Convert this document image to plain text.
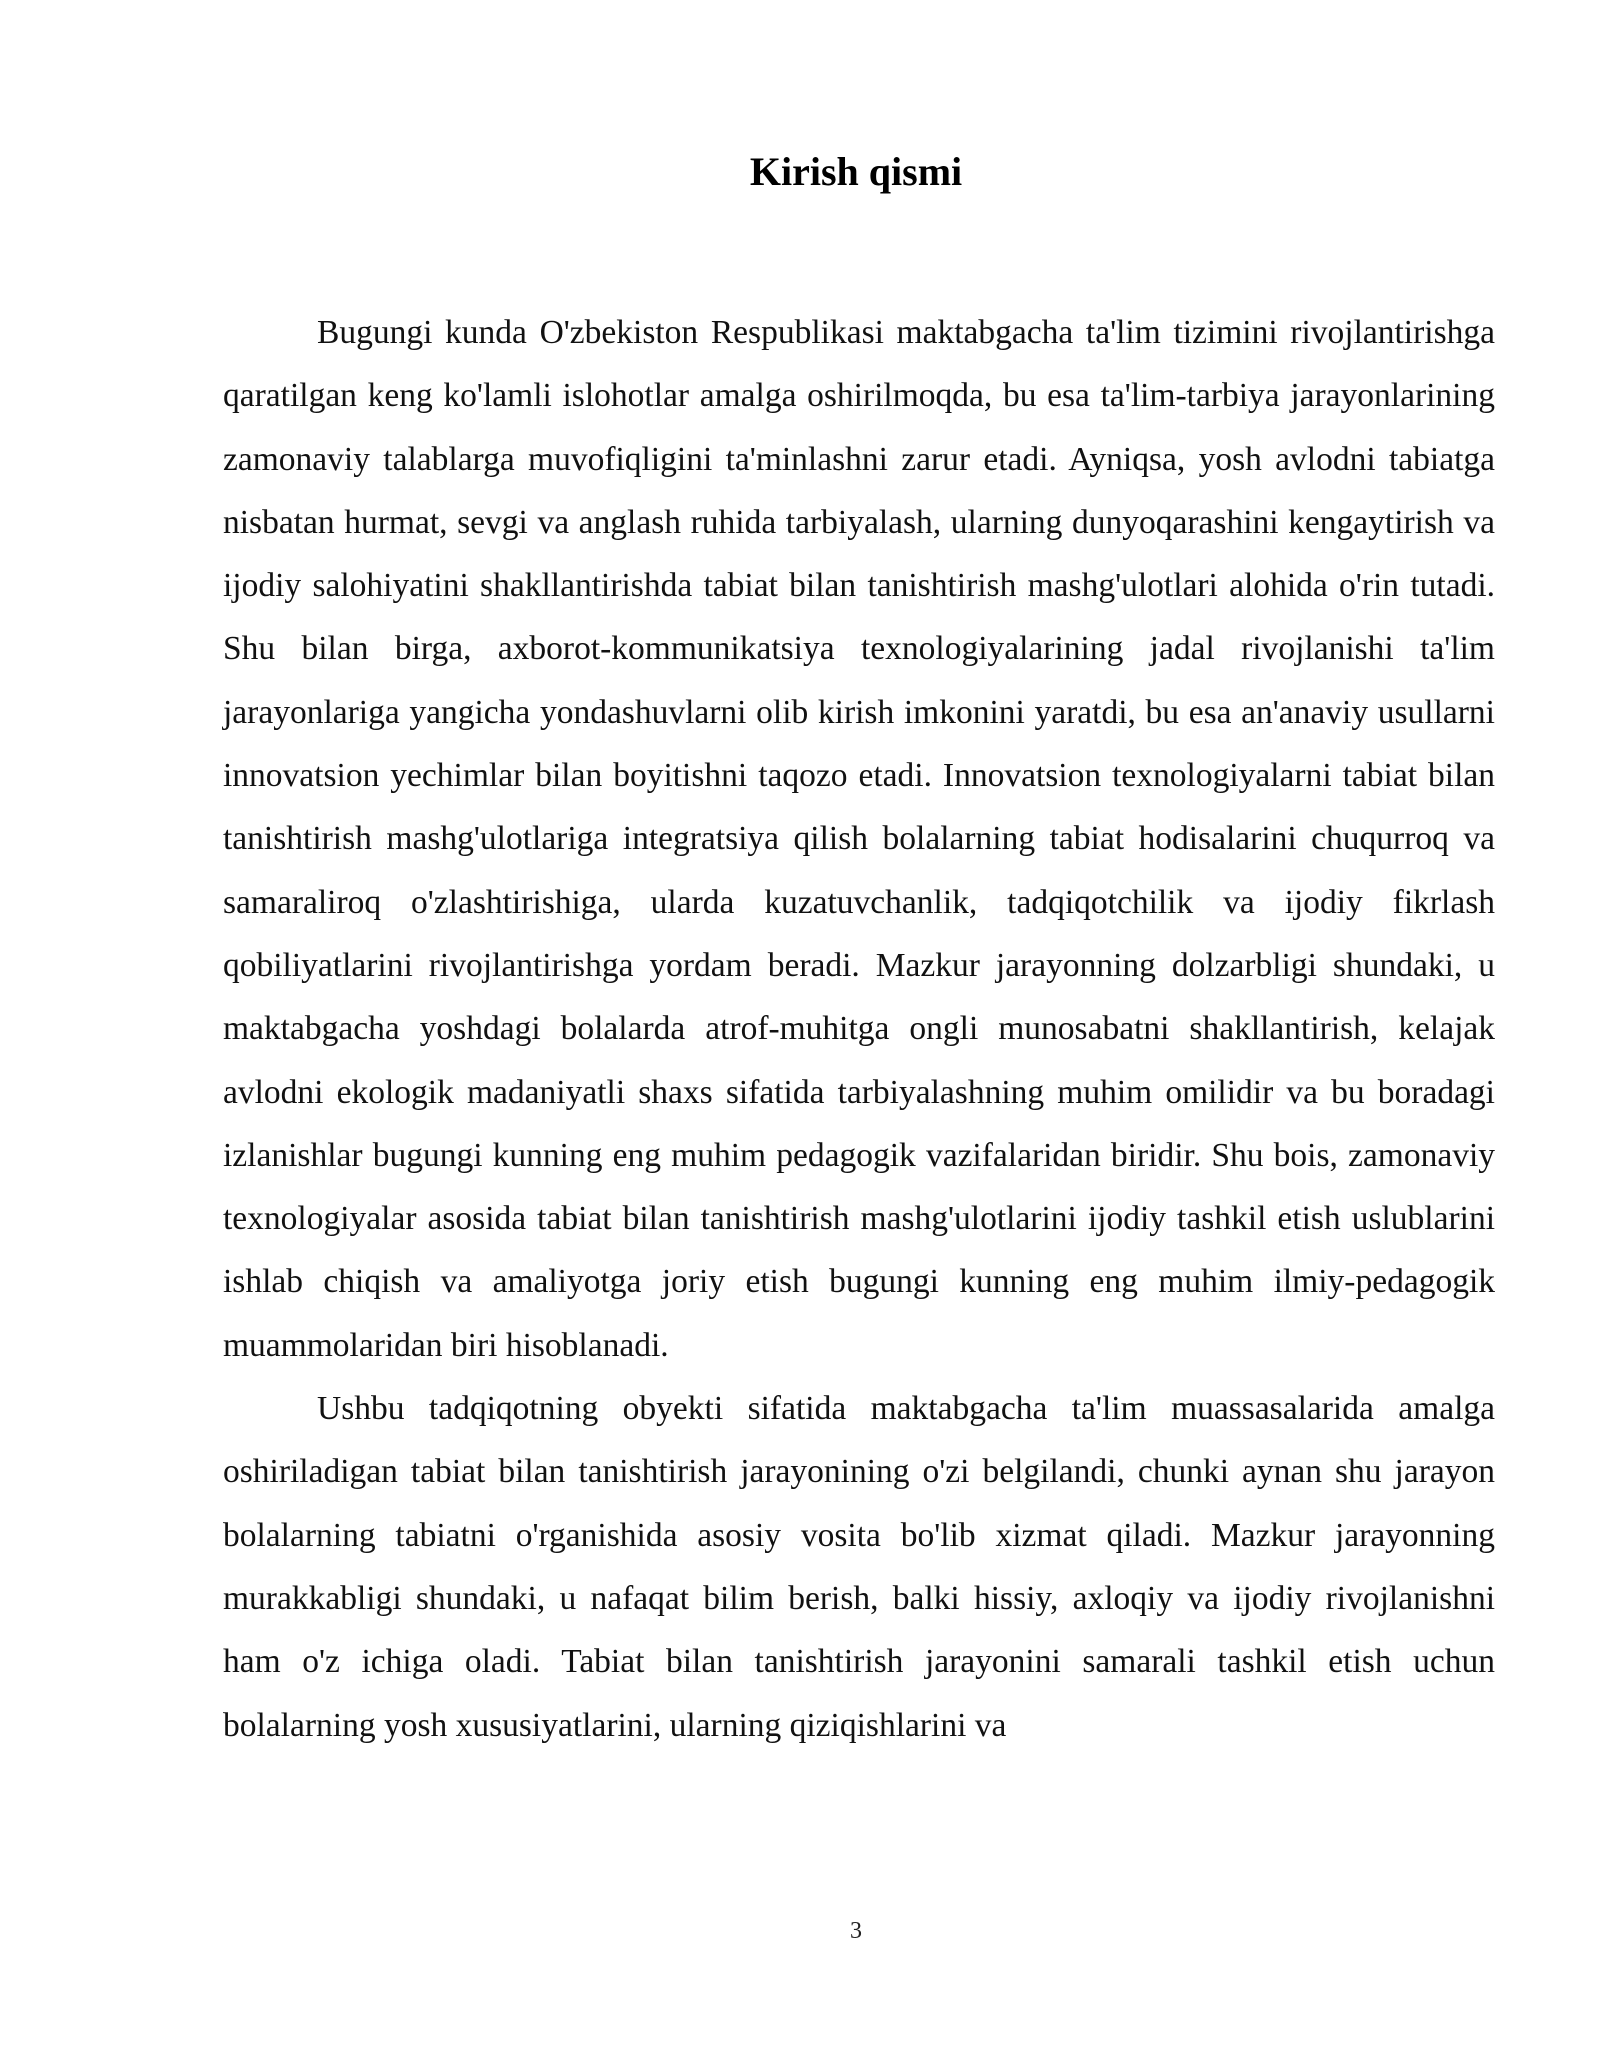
Kirish qismi

Bugungi kunda O'zbekiston Respublikasi maktabgacha ta'lim tizimini rivojlantirishga qaratilgan keng ko'lamli islohotlar amalga oshirilmoqda, bu esa ta'lim-tarbiya jarayonlarining zamonaviy talablarga muvofiqligini ta'minlashni zarur etadi. Ayniqsa, yosh avlodni tabiatga nisbatan hurmat, sevgi va anglash ruhida tarbiyalash, ularning dunyoqarashini kengaytirish va ijodiy salohiyatini shakllantirishda tabiat bilan tanishtirish mashg'ulotlari alohida o'rin tutadi. Shu bilan birga, axborot-kommunikatsiya texnologiyalarining jadal rivojlanishi ta'lim jarayonlariga yangicha yondashuvlarni olib kirish imkonini yaratdi, bu esa an'anaviy usullarni innovatsion yechimlar bilan boyitishni taqozo etadi. Innovatsion texnologiyalarni tabiat bilan tanishtirish mashg'ulotlariga integratsiya qilish bolalarning tabiat hodisalarini chuqurroq va samaraliroq o'zlashtirishiga, ularda kuzatuvchanlik, tadqiqotchilik va ijodiy fikrlash qobiliyatlarini rivojlantirishga yordam beradi. Mazkur jarayonning dolzarbligi shundaki, u maktabgacha yoshdagi bolalarda atrof-muhitga ongli munosabatni shakllantirish, kelajak avlodni ekologik madaniyatli shaxs sifatida tarbiyalashning muhim omilidir va bu boradagi izlanishlar bugungi kunning eng muhim pedagogik vazifalaridan biridir. Shu bois, zamonaviy texnologiyalar asosida tabiat bilan tanishtirish mashg'ulotlarini ijodiy tashkil etish uslublarini ishlab chiqish va amaliyotga joriy etish bugungi kunning eng muhim ilmiy-pedagogik muammolaridan biri hisoblanadi.

Ushbu tadqiqotning obyekti sifatida maktabgacha ta'lim muassasalarida amalga oshiriladigan tabiat bilan tanishtirish jarayonining o'zi belgilandi, chunki aynan shu jarayon bolalarning tabiatni o'rganishida asosiy vosita bo'lib xizmat qiladi. Mazkur jarayonning murakkabligi shundaki, u nafaqat bilim berish, balki hissiy, axloqiy va ijodiy rivojlanishni ham o'z ichiga oladi. Tabiat bilan tanishtirish jarayonini samarali tashkil etish uchun bolalarning yosh xususiyatlarini, ularning qiziqishlarini va

3
